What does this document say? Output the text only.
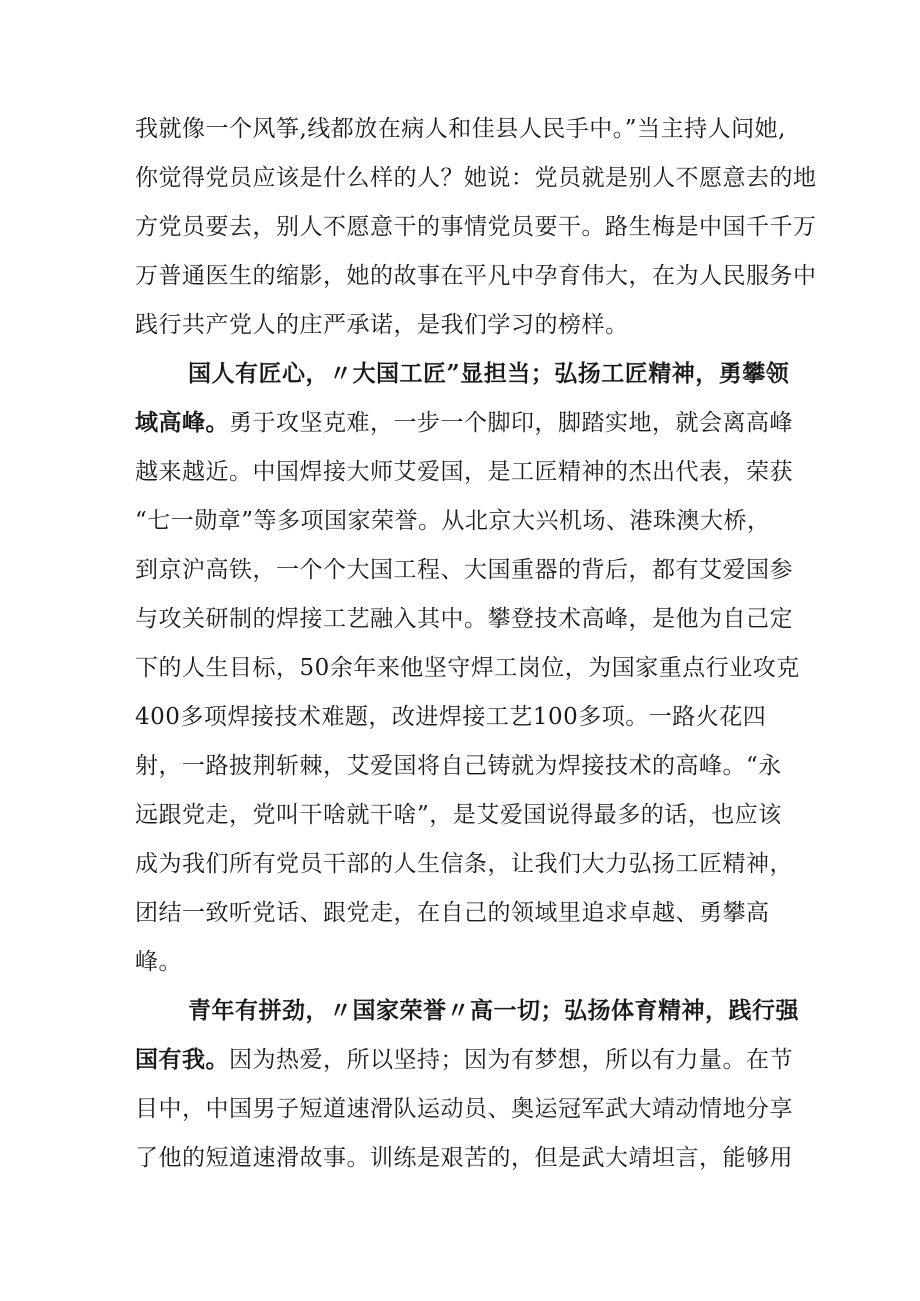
我就像一个风筝,线都放在病人和佳县人民手中。”当主持人问她,
你觉得党员应该是什么样的人？她说：党员就是别人不愿意去的地
方党员要去，别人不愿意干的事情党员要干。路生梅是中国千千万
万普通医生的缩影，她的故事在平凡中孕育伟大，在为人民服务中
践行共产党人的庄严承诺，是我们学习的榜样。
国人有匠心，〃大国工匠”显担当；弘扬工匠精神，勇攀领
域高峰。勇于攻坚克难，一步一个脚印，脚踏实地，就会离高峰
越来越近。中国焊接大师艾爱国，是工匠精神的杰出代表，荣获
“七一勋章”等多项国家荣誉。从北京大兴机场、港珠澳大桥，
到京沪高铁，一个个大国工程、大国重器的背后，都有艾爱国参
与攻关研制的焊接工艺融入其中。攀登技术高峰，是他为自己定
下的人生目标，50余年来他坚守焊工岗位，为国家重点行业攻克
400多项焊接技术难题，改进焊接工艺100多项。一路火花四
射，一路披荆斩棘，艾爱国将自己铸就为焊接技术的高峰。“永
远跟党走，党叫干啥就干啥”，是艾爱国说得最多的话，也应该
成为我们所有党员干部的人生信条，让我们大力弘扬工匠精神，
团结一致听党话、跟党走，在自己的领域里追求卓越、勇攀高
峰。
青年有拼劲，〃国家荣誉〃高一切；弘扬体育精神，践行强
国有我。因为热爱，所以坚持；因为有梦想，所以有力量。在节
目中，中国男子短道速滑队运动员、奥运冠军武大靖动情地分享
了他的短道速滑故事。训练是艰苦的，但是武大靖坦言，能够用
